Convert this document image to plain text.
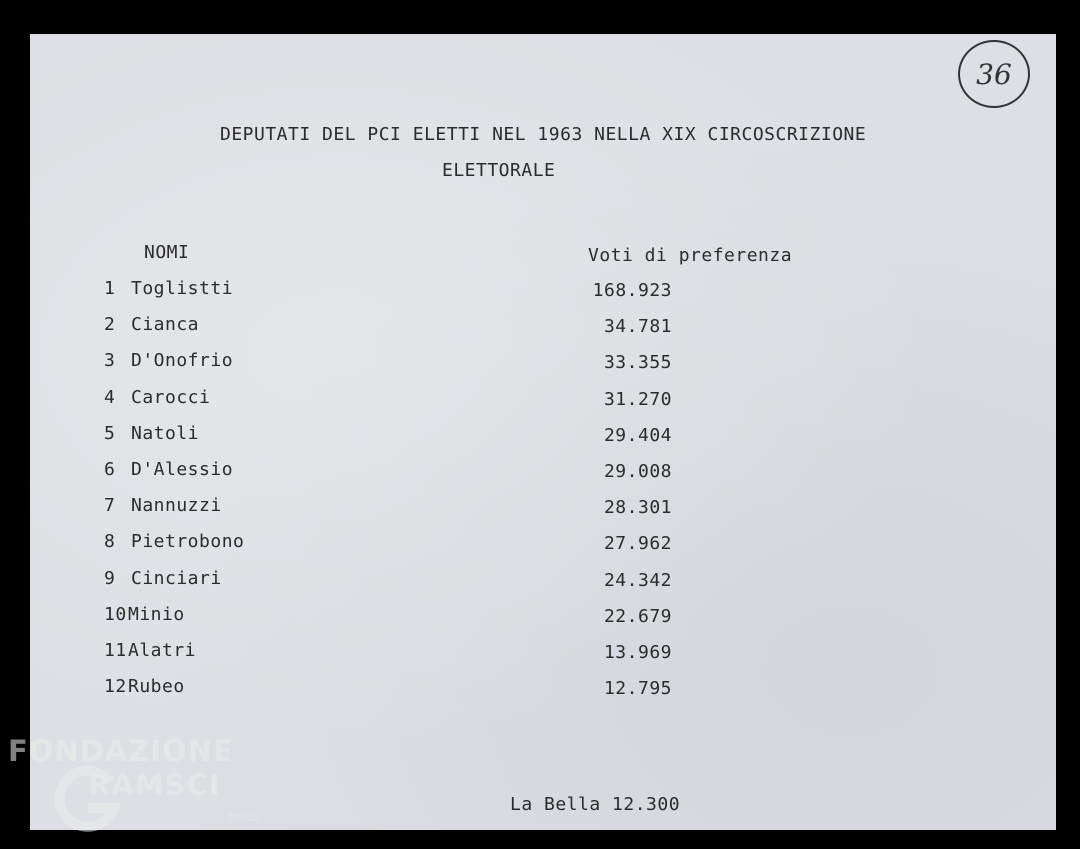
36
DEPUTATI DEL PCI ELETTI NEL 1963 NELLA XIX CIRCOSCRIZIONE
ELETTORALE
NOMI	Voti di preferenza
1 Toglistti	168.923
2 Cianca	34.781
3 D'Onofrio	33.355
4 Carocci	31.270
5 Natoli	29.404
6 D'Alessio	29.008
7 Nannuzzi	28.301
8 Pietrobono	27.962
9 Cinciari	24.342
10 Minio	22.679
11 Alatri	13.969
12 Rubeo	12.795
La Bella 12.300
FONDAZIONE
RAMSCI
onlus
